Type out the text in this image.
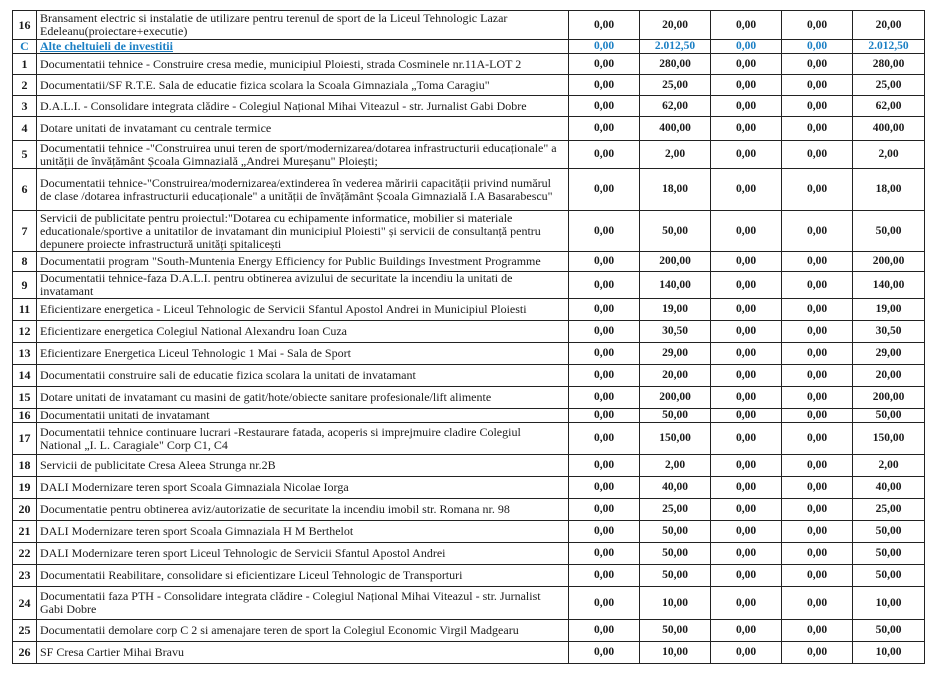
16	Bransament electric si instalatie de utilizare pentru terenul de sport de la Liceul Tehnologic Lazar Edeleanu(proiectare+executie)	0,00	20,00	0,00	0,00	20,00
C	Alte cheltuieli de investitii	0,00	2.012,50	0,00	0,00	2.012,50
1	Documentatii tehnice - Construire cresa medie, municipiul Ploiesti, strada Cosminele nr.11A-LOT 2	0,00	280,00	0,00	0,00	280,00
2	Documentatii/SF R.T.E. Sala de educatie fizica scolara la Scoala Gimnaziala „Toma Caragiu"	0,00	25,00	0,00	0,00	25,00
3	D.A.L.I. - Consolidare integrata clădire - Colegiul Național Mihai Viteazul - str. Jurnalist Gabi Dobre	0,00	62,00	0,00	0,00	62,00
4	Dotare unitati de invatamant cu centrale termice	0,00	400,00	0,00	0,00	400,00
5	Documentatii tehnice -"Construirea unui teren de sport/modernizarea/dotarea infrastructurii educaționale" a unității de învățământ Școala Gimnazială „Andrei Mureșanu" Ploiești;	0,00	2,00	0,00	0,00	2,00
6	Documentatii tehnice-"Construirea/modernizarea/extinderea în vederea măririi capacității privind numărul de clase /dotarea infrastructurii educaționale" a unității de învățământ Școala Gimnazială I.A Basarabescu"	0,00	18,00	0,00	0,00	18,00
7	Servicii de publicitate pentru proiectul:"Dotarea cu echipamente informatice, mobilier si materiale educationale/sportive a unitatilor de invatamant din municipiul Ploiesti" și servicii de consultanță pentru depunere proiecte infrastructură unități spitalicești	0,00	50,00	0,00	0,00	50,00
8	Documentatii program "South-Muntenia Energy Efficiency for Public Buildings Investment Programme	0,00	200,00	0,00	0,00	200,00
9	Documentatii tehnice-faza D.A.L.I. pentru obtinerea avizului de securitate la incendiu la unitati de invatamant	0,00	140,00	0,00	0,00	140,00
11	Eficientizare energetica - Liceul Tehnologic de Servicii Sfantul Apostol Andrei in Municipiul Ploiesti	0,00	19,00	0,00	0,00	19,00
12	Eficientizare energetica Colegiul National Alexandru Ioan Cuza	0,00	30,50	0,00	0,00	30,50
13	Eficientizare Energetica Liceul Tehnologic 1 Mai - Sala de Sport	0,00	29,00	0,00	0,00	29,00
14	Documentatii construire sali de educatie fizica scolara la unitati de invatamant	0,00	20,00	0,00	0,00	20,00
15	Dotare unitati de invatamant cu masini de gatit/hote/obiecte sanitare profesionale/lift alimente	0,00	200,00	0,00	0,00	200,00
16	Documentatii unitati de invatamant	0,00	50,00	0,00	0,00	50,00
17	Documentatii tehnice continuare lucrari -Restaurare fatada, acoperis si imprejmuire cladire Colegiul National „I. L. Caragiale" Corp C1, C4	0,00	150,00	0,00	0,00	150,00
18	Servicii de publicitate Cresa Aleea Strunga nr.2B	0,00	2,00	0,00	0,00	2,00
19	DALI Modernizare teren sport Scoala Gimnaziala Nicolae Iorga	0,00	40,00	0,00	0,00	40,00
20	Documentatie pentru obtinerea aviz/autorizatie de securitate la incendiu imobil str. Romana nr. 98	0,00	25,00	0,00	0,00	25,00
21	DALI Modernizare teren sport Scoala Gimnaziala H M Berthelot	0,00	50,00	0,00	0,00	50,00
22	DALI Modernizare teren sport Liceul Tehnologic de Servicii Sfantul Apostol Andrei	0,00	50,00	0,00	0,00	50,00
23	Documentatii Reabilitare, consolidare si eficientizare Liceul Tehnologic de Transporturi	0,00	50,00	0,00	0,00	50,00
24	Documentatii faza PTH - Consolidare integrata clădire - Colegiul Național Mihai Viteazul - str. Jurnalist Gabi Dobre	0,00	10,00	0,00	0,00	10,00
25	Documentatii demolare corp C 2 si amenajare teren de sport la Colegiul Economic Virgil Madgearu	0,00	50,00	0,00	0,00	50,00
26	SF Cresa Cartier Mihai Bravu	0,00	10,00	0,00	0,00	10,00
